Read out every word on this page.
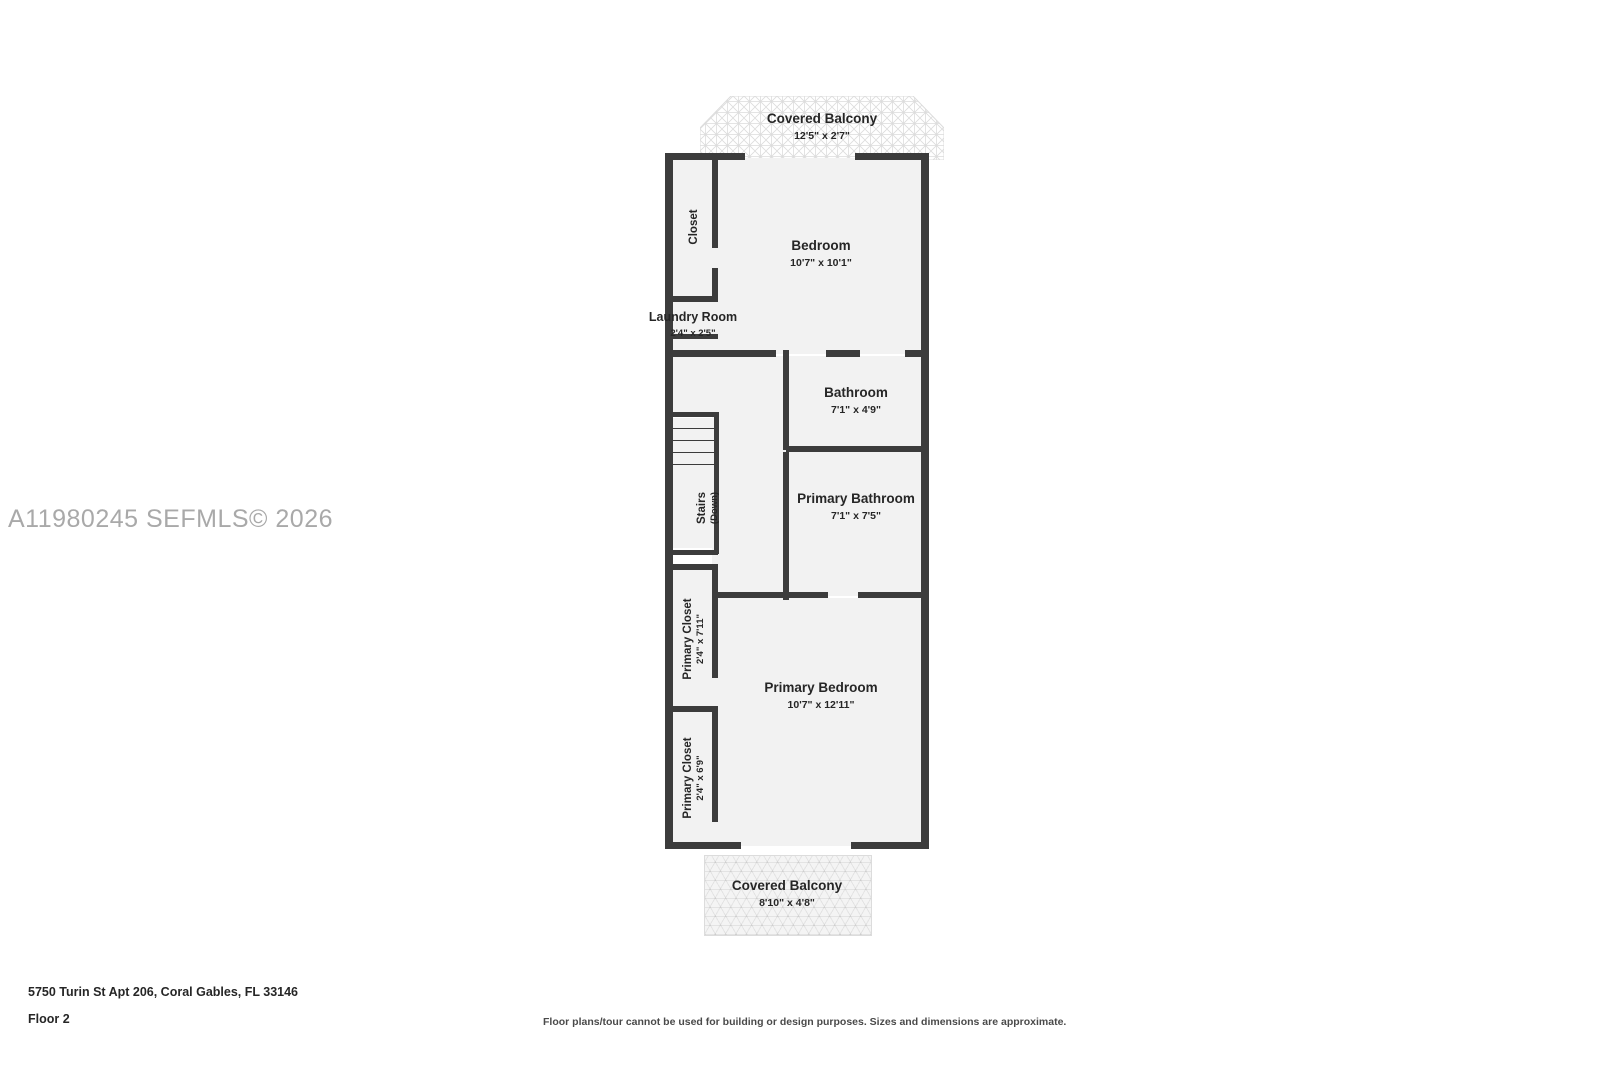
Covered Balcony
12'5" x 2'7"
Covered Balcony
8'10" x 4'8"
Bedroom
10'7" x 10'1"
Closet
Laundry Room
2'4" x 2'5"
Bathroom
7'1" x 4'9"
Primary Bathroom
7'1" x 7'5"
Stairs (Down)
Primary Closet 2'4" x 7'11"
Primary Closet 2'4" x 6'9"
Primary Bedroom
10'7" x 12'11"
A11980245 SEFMLS© 2026
5750 Turin St Apt 206, Coral Gables, FL 33146
Floor 2	Floor plans/tour cannot be used for building or design purposes. Sizes and dimensions are approximate.
